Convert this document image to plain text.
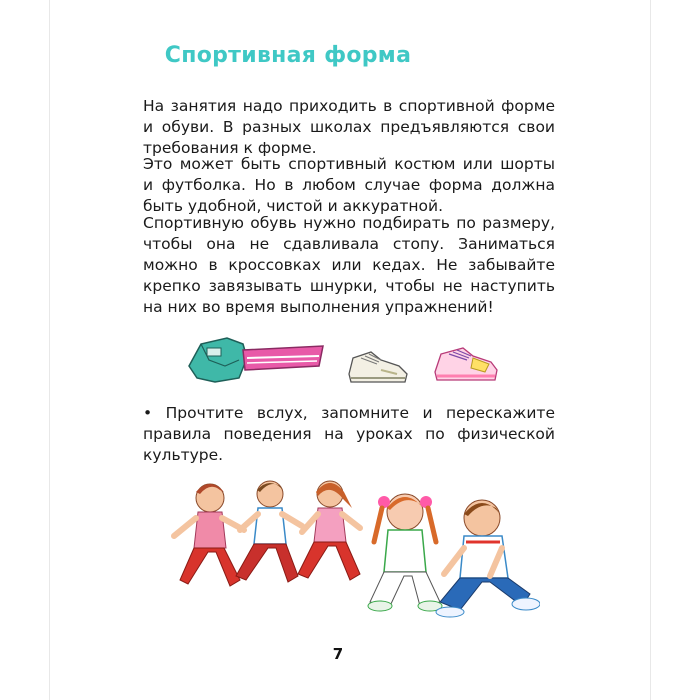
Спортивная форма

На занятия надо приходить в спортивной форме и обуви. В разных школах предъявляются свои требования к форме.

Это может быть спортивный костюм или шорты и футболка. Но в любом случае форма должна быть удобной, чистой и аккуратной.

Спортивную обувь нужно подбирать по размеру, чтобы она не сдавливала стопу. Заниматься можно в кроссовках или кедах. Не забывайте крепко завязывать шнурки, чтобы не наступить на них во время выполнения упражнений!

• Прочтите вслух, запомните и перескажите правила поведения на уроках по физической культуре.

7
